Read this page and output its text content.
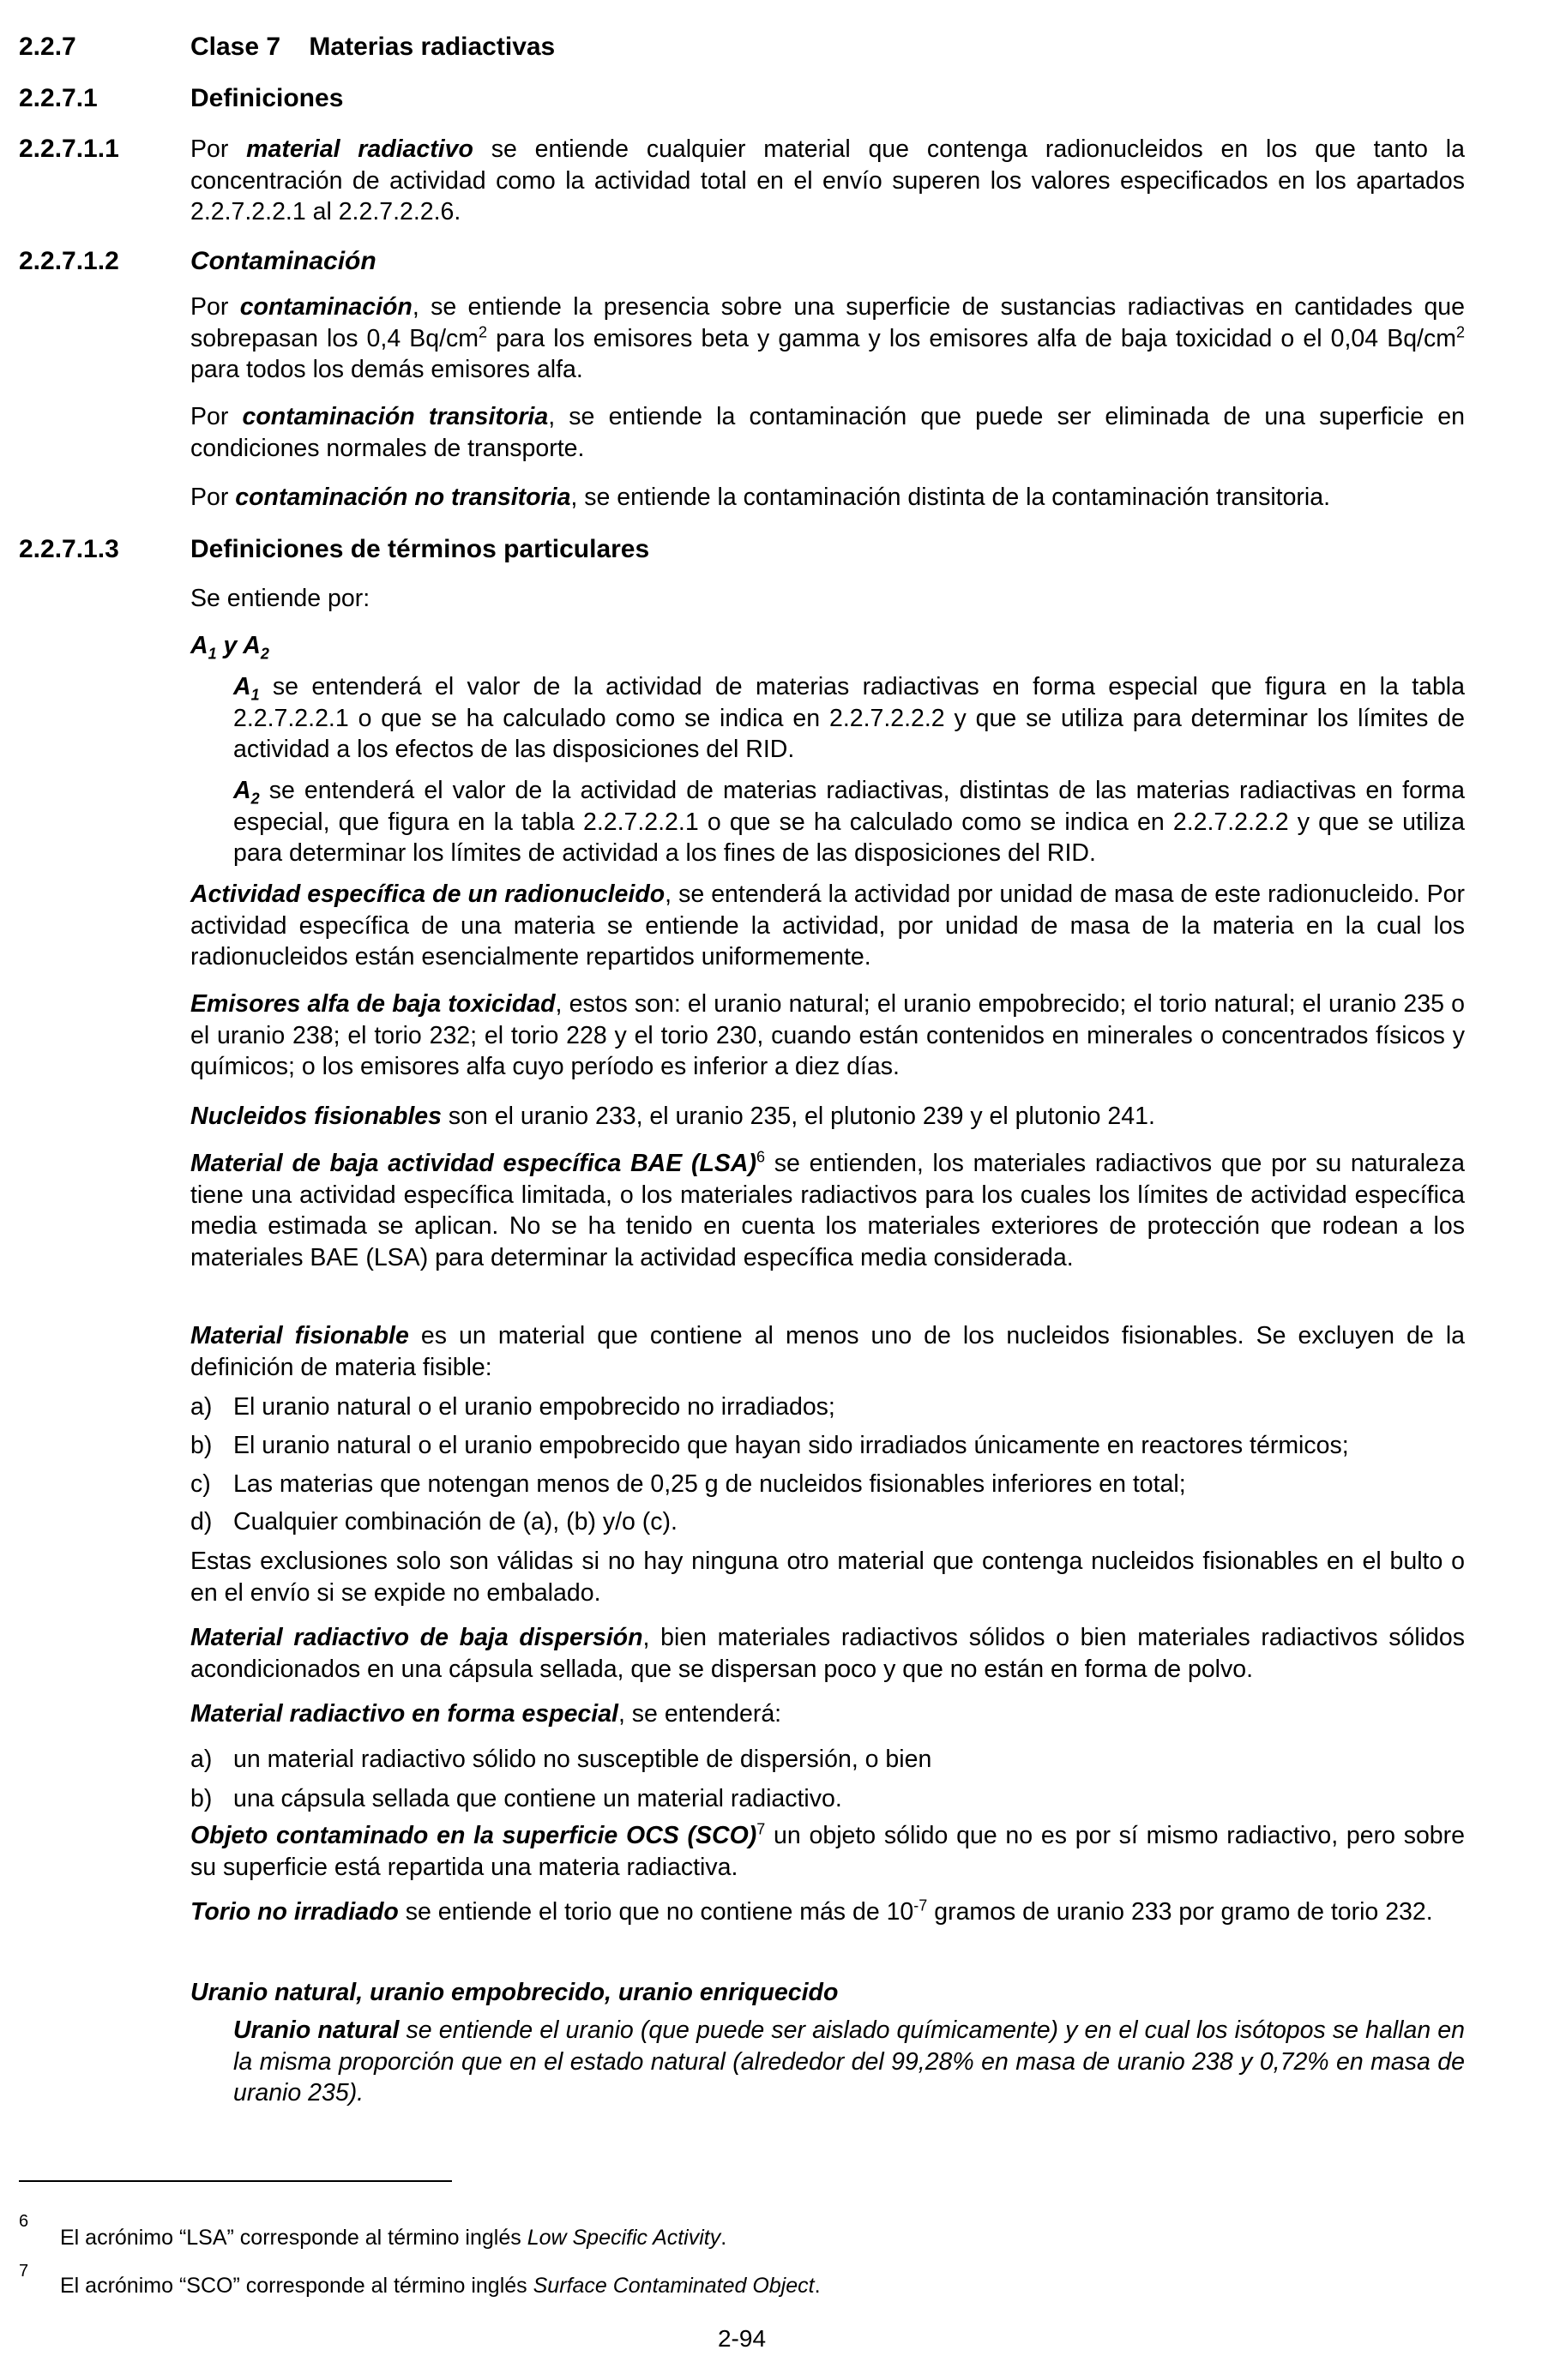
2.2.7	Clase 7    Materias radiactivas
2.2.7.1	Definiciones
2.2.7.1.1	Por material radiactivo se entiende cualquier material que contenga radionucleidos en los que tanto la concentración de actividad como la actividad total en el envío superen los valores especificados en los apartados 2.2.7.2.2.1 al 2.2.7.2.2.6.
2.2.7.1.2	Contaminación
Por contaminación, se entiende la presencia sobre una superficie de sustancias radiactivas en cantidades que sobrepasan los 0,4 $Bq/cm^2$ para los emisores beta y gamma y los emisores alfa de baja toxicidad o el 0,04 $Bq/cm^2$ para todos los demás emisores alfa.
Por contaminación transitoria, se entiende la contaminación que puede ser eliminada de una superficie en condiciones normales de transporte.
Por contaminación no transitoria, se entiende la contaminación distinta de la contaminación transitoria.
2.2.7.1.3	Definiciones de términos particulares
Se entiende por:
$A_1$ y $A_2$
$A_1$ se entenderá el valor de la actividad de materias radiactivas en forma especial que figura en la tabla 2.2.7.2.2.1 o que se ha calculado como se indica en 2.2.7.2.2.2 y que se utiliza para determinar los límites de actividad a los efectos de las disposiciones del RID.
$A_2$ se entenderá el valor de la actividad de materias radiactivas, distintas de las materias radiactivas en forma especial, que figura en la tabla 2.2.7.2.2.1 o que se ha calculado como se indica en 2.2.7.2.2.2 y que se utiliza para determinar los límites de actividad a los fines de las disposiciones del RID.
Actividad específica de un radionucleido, se entenderá la actividad por unidad de masa de este radionucleido. Por actividad específica de una materia se entiende la actividad, por unidad de masa de la materia en la cual los radionucleidos están esencialmente repartidos uniformemente.
Emisores alfa de baja toxicidad, estos son: el uranio natural; el uranio empobrecido; el torio natural; el uranio 235 o el uranio 238; el torio 232; el torio 228 y el torio 230, cuando están contenidos en minerales o concentrados físicos y químicos; o los emisores alfa cuyo período es inferior a diez días.
Nucleidos fisionables son el uranio 233, el uranio 235, el plutonio 239 y el plutonio 241.
Material de baja actividad específica BAE (LSA)$^6$ se entienden, los materiales radiactivos que por su naturaleza tiene una actividad específica limitada, o los materiales radiactivos para los cuales los límites de actividad específica media estimada se aplican. No se ha tenido en cuenta los materiales exteriores de protección que rodean a los materiales BAE (LSA) para determinar la actividad específica media considerada.
Material fisionable es un material que contiene al menos uno de los nucleidos fisionables. Se excluyen de la definición de materia fisible:
a) El uranio natural o el uranio empobrecido no irradiados;
b) El uranio natural o el uranio empobrecido que hayan sido irradiados únicamente en reactores térmicos;
c) Las materias que notengan menos de 0,25 g de nucleidos fisionables inferiores en total;
d) Cualquier combinación de (a), (b) y/o (c).
Estas exclusiones solo son válidas si no hay ninguna otro material que contenga nucleidos fisionables en el bulto o en el envío si se expide no embalado.
Material radiactivo de baja dispersión, bien materiales radiactivos sólidos o bien materiales radiactivos sólidos acondicionados en una cápsula sellada, que se dispersan poco y que no están en forma de polvo.
Material radiactivo en forma especial, se entenderá:
a) un material radiactivo sólido no susceptible de dispersión, o bien
b) una cápsula sellada que contiene un material radiactivo.
Objeto contaminado en la superficie OCS (SCO)$^7$ un objeto sólido que no es por sí mismo radiactivo, pero sobre su superficie está repartida una materia radiactiva.
Torio no irradiado se entiende el torio que no contiene más de $10^{-7}$ gramos de uranio 233 por gramo de torio 232.
Uranio natural, uranio empobrecido, uranio enriquecido
Uranio natural se entiende el uranio (que puede ser aislado químicamente) y en el cual los isótopos se hallan en la misma proporción que en el estado natural (alrededor del 99,28% en masa de uranio 238 y 0,72% en masa de uranio 235).
6
El acrónimo “LSA” corresponde al término inglés Low Specific Activity.
7
El acrónimo “SCO” corresponde al término inglés Surface Contaminated Object.
2-94
